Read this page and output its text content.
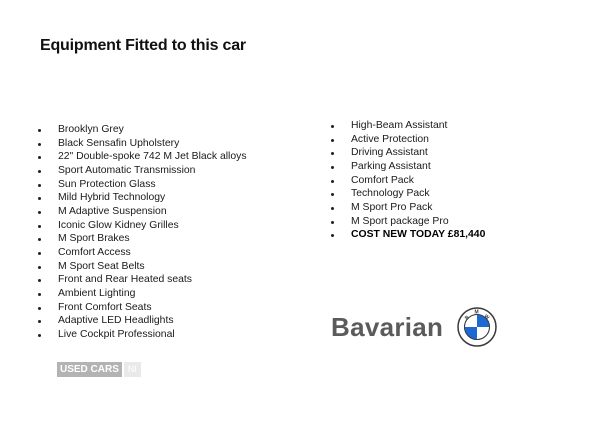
Equipment Fitted to this car
Brooklyn Grey
Black Sensafin Upholstery
22" Double-spoke 742 M Jet Black alloys
Sport Automatic Transmission
Sun Protection Glass
Mild Hybrid Technology
M Adaptive Suspension
Iconic Glow Kidney Grilles
M Sport Brakes
Comfort Access
M Sport Seat Belts
Front and Rear Heated seats
Ambient Lighting
Front Comfort Seats
Adaptive LED Headlights
Live Cockpit Professional
High-Beam Assistant
Active Protection
Driving Assistant
Parking Assistant
Comfort Pack
Technology Pack
M Sport Pro Pack
M Sport package Pro
COST NEW TODAY £81,440
USED CARS	NI
Bavarian	B
M
W
